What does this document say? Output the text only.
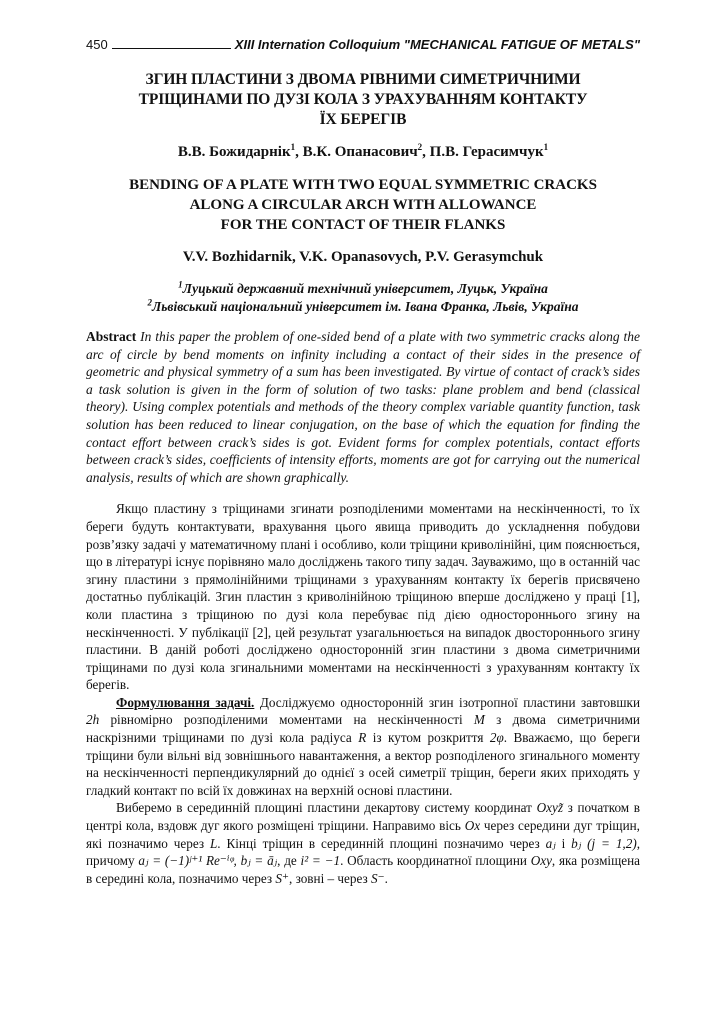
450	XIII Internation Colloquium "MECHANICAL FATIGUE OF METALS"
ЗГИН ПЛАСТИНИ З ДВОМА РІВНИМИ СИМЕТРИЧНИМИ
ТРІЩИНАМИ ПО ДУЗІ КОЛА З УРАХУВАННЯМ КОНТАКТУ
ЇХ БЕРЕГІВ
В.В. Божидарнік$^1$, В.К. Опанасович$^2$, П.В. Герасимчук$^1$
BENDING OF A PLATE WITH TWO EQUAL SYMMETRIC CRACKS
ALONG A CIRCULAR ARCH WITH ALLOWANCE
FOR THE CONTACT OF THEIR FLANKS
V.V. Bozhidarnik, V.K. Opanasovych, P.V. Gerasymchuk
$^1$Луцький державний технічний університет, Луцьк, Україна
$^2$Львівський національний університет ім. Івана Франка, Львів, Україна
Abstract In this paper the problem of one-sided bend of a plate with two symmetric cracks along the arc of circle by bend moments on infinity including a contact of their sides in the presence of geometric and physical symmetry of a sum has been investigated. By virtue of contact of crack’s sides a task solution is given in the form of solution of two tasks: plane problem and bend (classical theory). Using complex potentials and methods of the theory complex variable quantity function, task solution has been reduced to linear conjugation, on the base of which the equation for finding the contact effort between crack’s sides is got. Evident forms for complex potentials, contact efforts between crack’s sides, coefficients of intensity efforts, moments are got for carrying out the numerical analysis, results of which are shown graphically.

Якщо пластину з тріщинами згинати розподіленими моментами на нескінченності, то їх береги будуть контактувати, врахування цього явища приводить до ускладнення побудови розв’язку задачі у математичному плані і особливо, коли тріщини криволінійні, цим пояснюється, що в літературі існує порівняно мало досліджень такого типу задач. Зауважимо, що в останній час згину пластини з прямолінійними тріщинами з урахуванням контакту їх берегів присвячено достатньо публікацій. Згин пластин з криволінійною тріщиною вперше досліджено у праці [1], коли пластина з тріщиною по дузі кола перебуває під дією одностороннього згину на нескінченності. У публікації [2], цей результат узагальнюється на випадок двостороннього згину пластини. В даній роботі досліджено односторонній згин пластини з двома симетричними тріщинами по дузі кола згинальними моментами на нескінченності з урахуванням контакту їх берегів.

Формулювання задачі. Досліджуємо односторонній згин ізотропної пластини завтовшки 2h рівномірно розподіленими моментами на нескінченності M з двома симетричними наскрізними тріщинами по дузі кола радіуса R із кутом розкриття 2φ. Вважаємо, що береги тріщини були вільні від зовнішнього навантаження, а вектор розподіленого згинального моменту на нескінченності перпендикулярний до однієї з осей симетрії тріщин, береги яких приходять у гладкий контакт по всій їх довжинах на верхній основі пластини.

Виберемо в серединній площині пластини декартову систему координат Oxyz̃ з початком в центрі кола, вздовж дуг якого розміщені тріщини. Направимо вісь Ox через середини дуг тріщин, які позначимо через L. Кінці тріщин в серединній площині позначимо через aⱼ і bⱼ (j = 1,2), причому aⱼ = (−1)ʲ⁺¹ Re⁻ⁱᵠ, bⱼ = āⱼ, де i² = −1. Область координатної площини Oxy, яка розміщена в середині кола, позначимо через S⁺, зовні – через S⁻.
